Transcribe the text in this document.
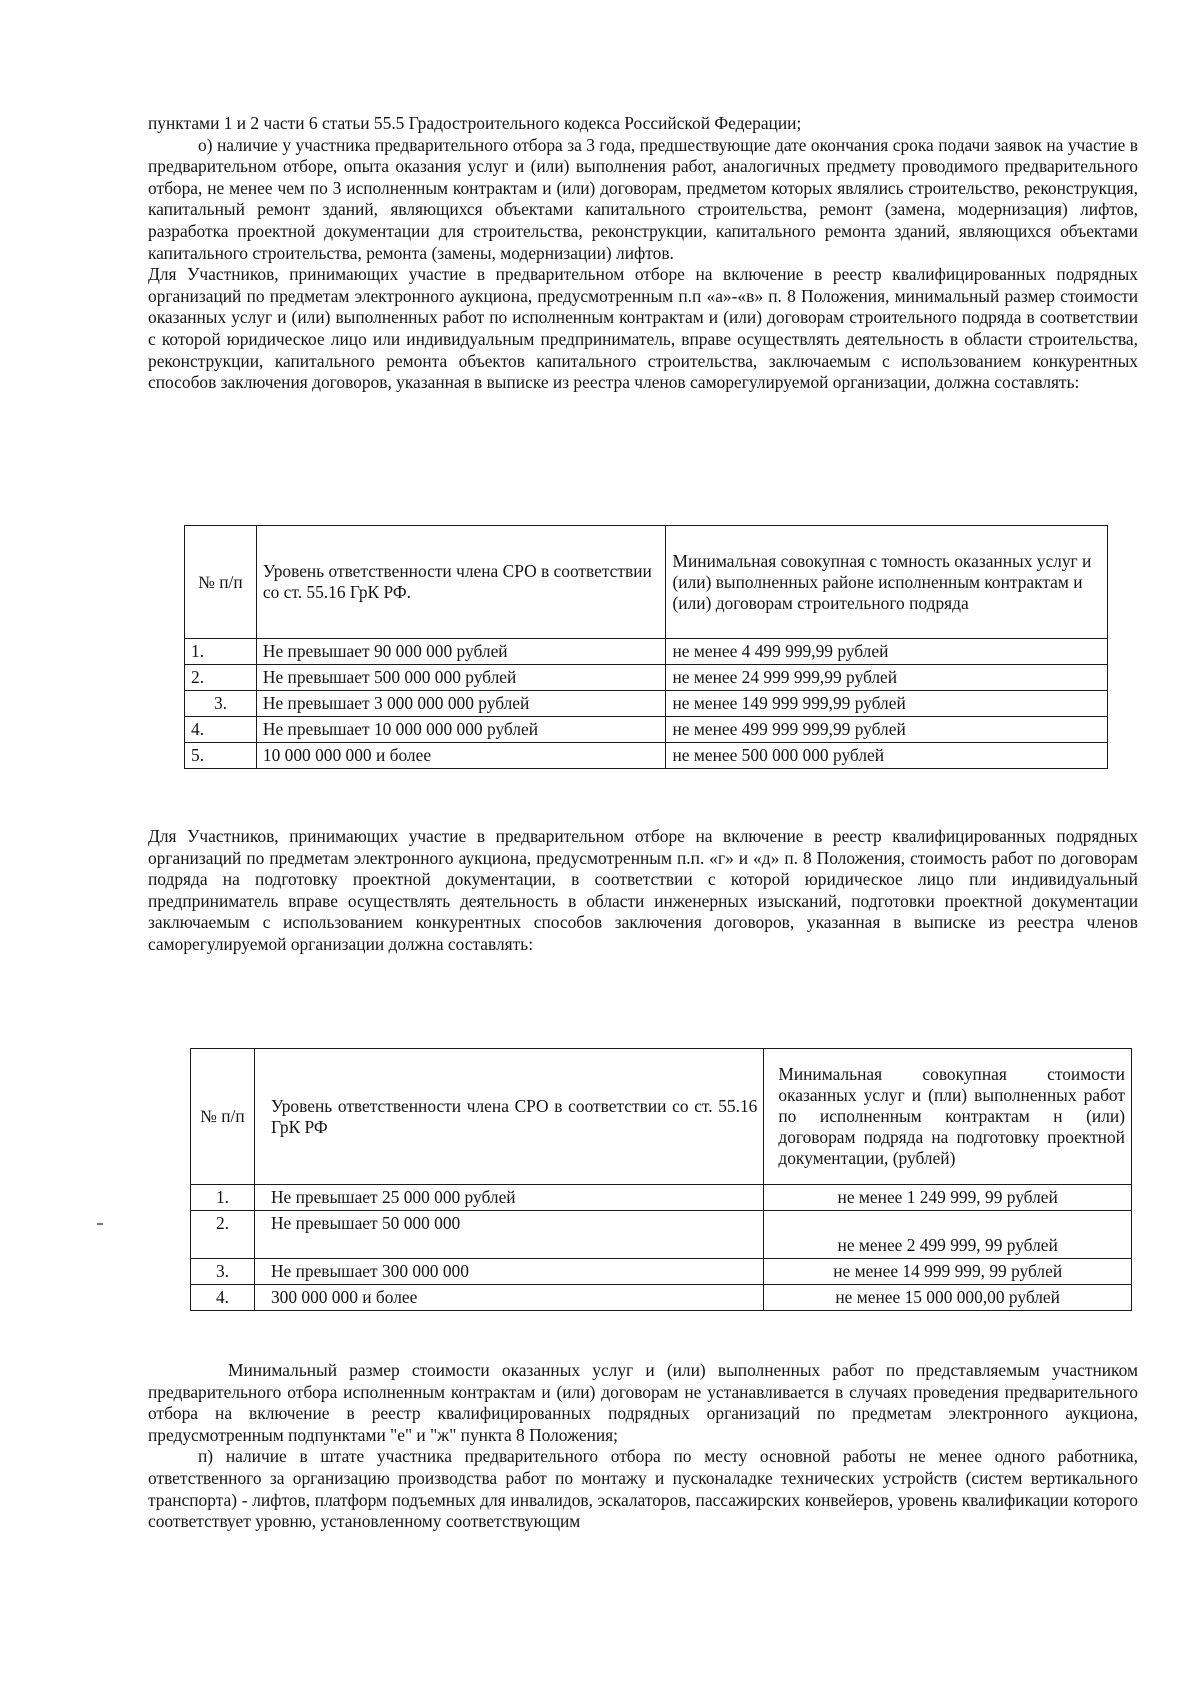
пунктами 1 и 2 части 6 статьи 55.5 Градостроительного кодекса Российской Федерации;

о) наличие у участника предварительного отбора за 3 года, предшествующие дате окончания срока подачи заявок на участие в предварительном отборе, опыта оказания услуг и (или) выполнения работ, аналогичных предмету проводимого предварительного отбора, не менее чем по 3 исполненным контрактам и (или) договорам, предметом которых являлись строительство, реконструкция, капитальный ремонт зданий, являющихся объектами капитального строительства, ремонт (замена, модернизация) лифтов, разработка проектной документации для строительства, реконструкции, капитального ремонта зданий, являющихся объектами капитального строительства, ремонта (замены, модернизации) лифтов.

Для Участников, принимающих участие в предварительном отборе на включение в реестр квалифицированных подрядных организаций по предметам электронного аукциона, предусмотренным п.п «а»-«в» п. 8 Положения, минимальный размер стоимости оказанных услуг и (или) выполненных работ по исполненным контрактам и (или) договорам строительного подряда в соответствии с которой юридическое лицо или индивидуальным предприниматель, вправе осуществлять деятельность в области строительства, реконструкции, капитального ремонта объектов капитального строительства, заключаемым с использованием конкурентных способов заключения договоров, указанная в выписке из реестра членов саморегулируемой организации, должна составлять:

№ п/п	Уровень ответственности члена СРО в соответствии со ст. 55.16 ГрК РФ.	Минимальная совокупная с томность оказанных услуг и (или) выполненных районе исполненным контрактам и (или) договорам строительного подряда
1.	Не превышает 90 000 000 рублей	не менее 4 499 999,99 рублей
2.	Не превышает 500 000 000 рублей	не менее 24 999 999,99 рублей
3.	Не превышает 3 000 000 000 рублей	не менее 149 999 999,99 рублей
4.	Не превышает 10 000 000 000 рублей	не менее 499 999 999,99 рублей
5.	10 000 000 000 и более	не менее 500 000 000 рублей

Для Участников, принимающих участие в предварительном отборе на включение в реестр квалифицированных подрядных организаций по предметам электронного аукциона, предусмотренным п.п. «г» и «д» п. 8 Положения, стоимость работ по договорам подряда на подготовку проектной документации, в соответствии с которой юридическое лицо пли индивидуальный предприниматель вправе осуществлять деятельность в области инженерных изысканий, подготовки проектной документации заключаемым с использованием конкурентных способов заключения договоров, указанная в выписке из реестра членов саморегулируемой организации должна составлять:

№ п/п	Уровень ответственности члена СРО в соответствии со ст. 55.16 ГрК РФ	Минимальная совокупная стоимости оказанных услуг и (пли) выполненных работ по исполненным контрактам н (или) договорам подряда на подготовку проектной документации, (рублей)
1.	Не превышает 25 000 000 рублей	не менее 1 249 999, 99 рублей
2.	Не превышает 50 000 000	не менее 2 499 999, 99 рублей
3.	Не превышает 300 000 000	не менее 14 999 999, 99 рублей
4.	300 000 000 и более	не менее 15 000 000,00 рублей

Минимальный размер стоимости оказанных услуг и (или) выполненных работ по представляемым участником предварительного отбора исполненным контрактам и (или) договорам не устанавливается в случаях проведения предварительного отбора на включение в реестр квалифицированных подрядных организаций по предметам электронного аукциона, предусмотренным подпунктами "е" и "ж" пункта 8 Положения;

п) наличие в штате участника предварительного отбора по месту основной работы не менее одного работника, ответственного за организацию производства работ по монтажу и пусконаладке технических устройств (систем вертикального транспорта) - лифтов, платформ подъемных для инвалидов, эскалаторов, пассажирских конвейеров, уровень квалификации которого соответствует уровню, установленному соответствующим
